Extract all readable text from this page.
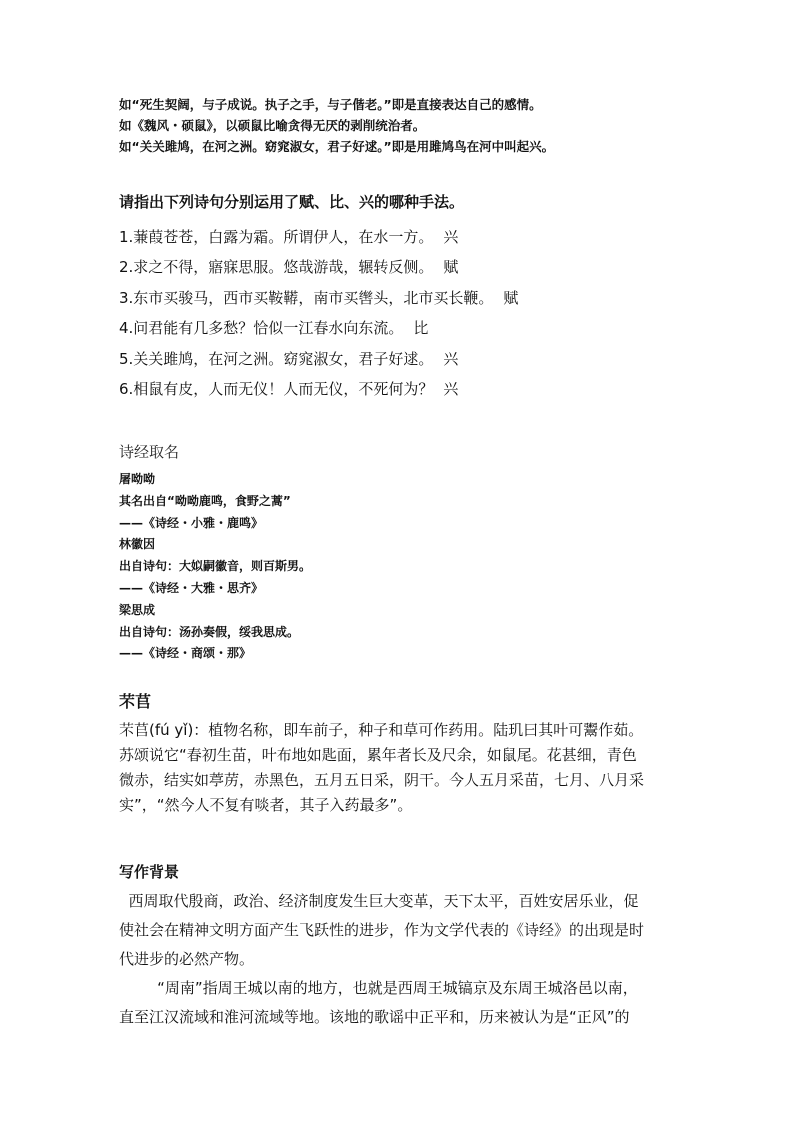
如“死生契阔，与子成说。执子之手，与子偕老。”即是直接表达自己的感情。

如《魏风・硕鼠》，以硕鼠比喻贪得无厌的剥削统治者。

如“关关雎鸠，在河之洲。窈窕淑女，君子好逑。”即是用雎鸠鸟在河中叫起兴。

请指出下列诗句分别运用了赋、比、兴的哪种手法。
1.蒹葭苍苍，白露为霜。所谓伊人，在水一方。 兴
2.求之不得，寤寐思服。悠哉游哉，辗转反侧。 赋
3.东市买骏马，西市买鞍鞯，南市买辔头，北市买长鞭。 赋
4.问君能有几多愁？恰似一江春水向东流。 比
5.关关雎鸠，在河之洲。窈窕淑女，君子好逑。 兴
6.相鼠有皮，人而无仪！人而无仪，不死何为？ 兴
诗经取名

屠呦呦

其名出自“呦呦鹿鸣，食野之蒿”

——《诗经・小雅・鹿鸣》

林徽因

出自诗句：大姒嗣徽音，则百斯男。

——《诗经・大雅・思齐》

梁思成

出自诗句：汤孙奏假，绥我思成。

——《诗经・商颂・那》

芣苢

芣苢(fú yǐ)：植物名称，即车前子，种子和草可作药用。陆玑曰其叶可鬻作茹。
苏颂说它“春初生苗，叶布地如匙面，累年者长及尺余，如鼠尾。花甚细，青色
微赤，结实如葶苈，赤黑色，五月五日采，阴干。今人五月采苗，七月、八月采
实”，“然今人不复有啖者，其子入药最多”。

写作背景

西周取代殷商，政治、经济制度发生巨大变革，天下太平，百姓安居乐业，促
使社会在精神文明方面产生飞跃性的进步，作为文学代表的《诗经》的出现是时
代进步的必然产物。

“周南”指周王城以南的地方，也就是西周王城镐京及东周王城洛邑以南，
直至江汉流域和淮河流域等地。该地的歌谣中正平和，历来被认为是“正风”的
